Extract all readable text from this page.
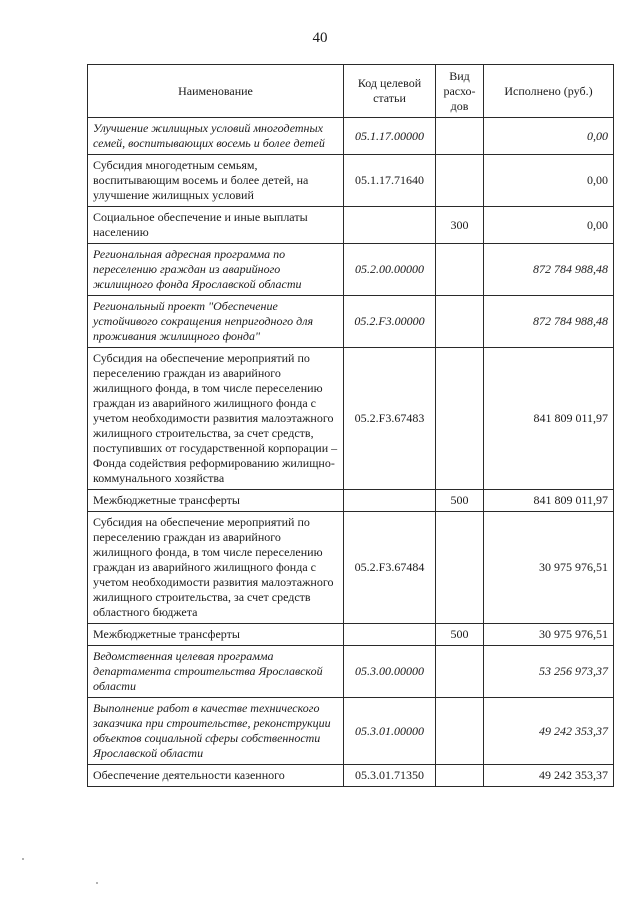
40
Наименование	Код целевой статьи	Вид расхо-дов	Исполнено (руб.)
Улучшение жилищных условий многодетных семей, воспитывающих восемь и более детей	05.1.17.00000		0,00
Субсидия многодетным семьям, воспитывающим восемь и более детей, на улучшение жилищных условий	05.1.17.71640		0,00
Социальное обеспечение и иные выплаты населению		300	0,00
Региональная адресная программа по переселению граждан из аварийного жилищного фонда Ярославской области	05.2.00.00000		872 784 988,48
Региональный проект "Обеспечение устойчивого сокращения непригодного для проживания жилищного фонда"	05.2.F3.00000		872 784 988,48
Субсидия на обеспечение мероприятий по переселению граждан из аварийного жилищного фонда, в том числе переселению граждан из аварийного жилищного фонда с учетом необходимости развития малоэтажного жилищного строительства, за счет средств, поступивших от государственной корпорации – Фонда содействия реформированию жилищно-коммунального хозяйства	05.2.F3.67483		841 809 011,97
Межбюджетные трансферты		500	841 809 011,97
Субсидия на обеспечение мероприятий по переселению граждан из аварийного жилищного фонда, в том числе переселению граждан из аварийного жилищного фонда с учетом необходимости развития малоэтажного жилищного строительства, за счет средств областного бюджета	05.2.F3.67484		30 975 976,51
Межбюджетные трансферты		500	30 975 976,51
Ведомственная целевая программа департамента строительства Ярославской области	05.3.00.00000		53 256 973,37
Выполнение работ в качестве технического заказчика при строительстве, реконструкции объектов социальной сферы собственности Ярославской области	05.3.01.00000		49 242 353,37
Обеспечение деятельности казенного	05.3.01.71350		49 242 353,37
